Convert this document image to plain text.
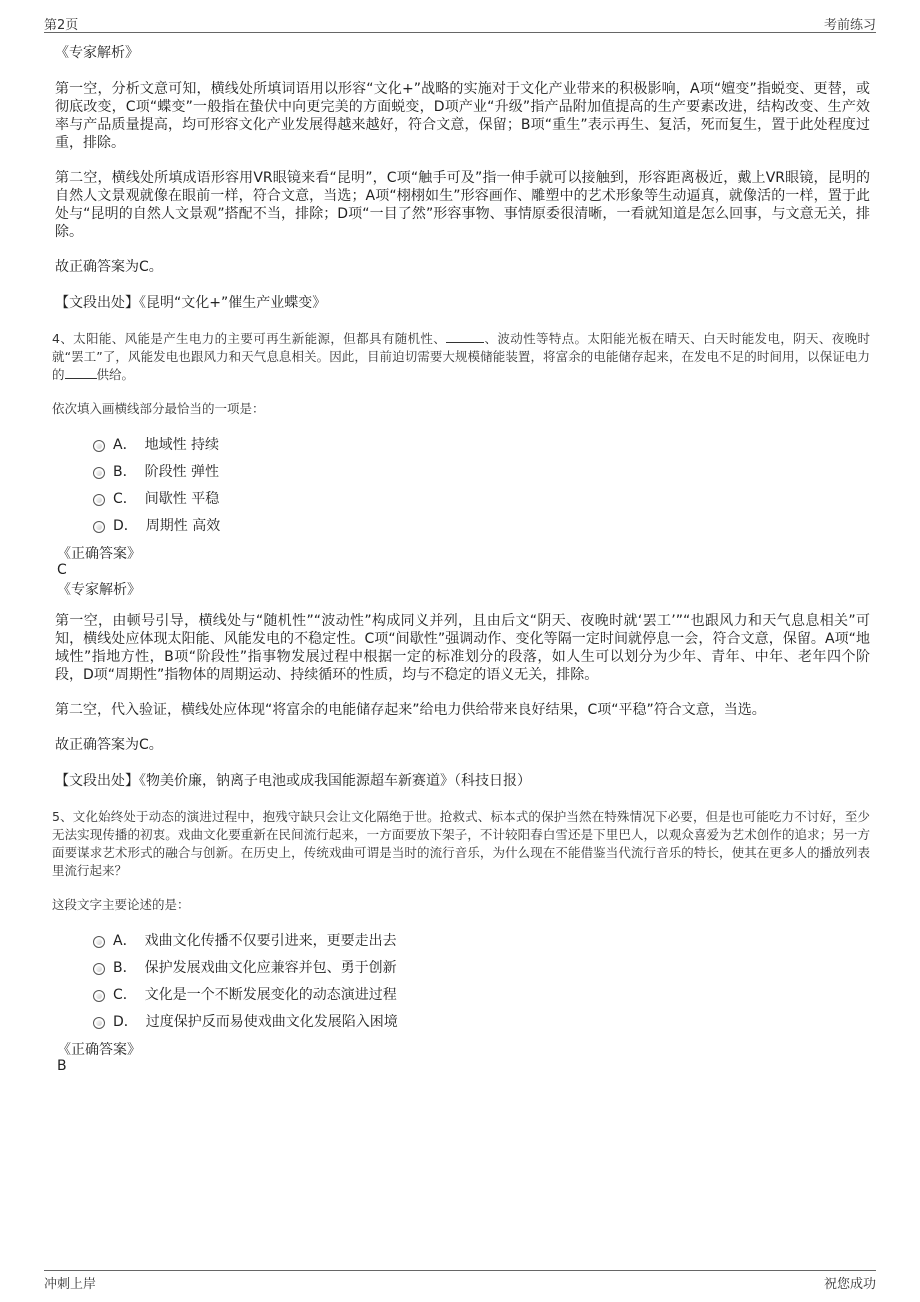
第2页	考前练习

《专家解析》

第一空，分析文意可知，横线处所填词语用以形容“文化+”战略的实施对于文化产业带来的积极影响，A项“嬗变”指蜕变、更替，或彻底改变，C项“蝶变”一般指在蛰伏中向更完美的方面蜕变，D项产业“升级”指产品附加值提高的生产要素改进，结构改变、生产效率与产品质量提高，均可形容文化产业发展得越来越好，符合文意，保留；B项“重生”表示再生、复活，死而复生，置于此处程度过重，排除。

第二空，横线处所填成语形容用VR眼镜来看“昆明”，C项“触手可及”指一伸手就可以接触到，形容距离极近，戴上VR眼镜，昆明的自然人文景观就像在眼前一样，符合文意，当选；A项“栩栩如生”形容画作、雕塑中的艺术形象等生动逼真，就像活的一样，置于此处与“昆明的自然人文景观”搭配不当，排除；D项“一目了然”形容事物、事情原委很清晰，一看就知道是怎么回事，与文意无关，排除。

故正确答案为C。

【文段出处】《昆明“文化+”催生产业蝶变》

4、太阳能、风能是产生电力的主要可再生新能源，但都具有随机性、	、波动性等特点。太阳能光板在晴天、白天时能发电，阴天、夜晚时就“罢工”了，风能发电也跟风力和天气息息相关。因此，目前迫切需要大规模储能装置，将富余的电能储存起来，在发电不足的时间用，以保证电力的	供给。

依次填入画横线部分最恰当的一项是：

A． 地域性 持续
B． 阶段性 弹性
C． 间歇性 平稳
D． 周期性 高效

《正确答案》

C

《专家解析》

第一空，由顿号引导，横线处与“随机性”“波动性”构成同义并列，且由后文“阴天、夜晚时就‘罢工’”“也跟风力和天气息息相关”可知，横线处应体现太阳能、风能发电的不稳定性。C项“间歇性”强调动作、变化等隔一定时间就停息一会，符合文意，保留。A项“地域性”指地方性，B项“阶段性”指事物发展过程中根据一定的标准划分的段落，如人生可以划分为少年、青年、中年、老年四个阶段，D项“周期性”指物体的周期运动、持续循环的性质，均与不稳定的语义无关，排除。

第二空，代入验证，横线处应体现“将富余的电能储存起来”给电力供给带来良好结果，C项“平稳”符合文意，当选。

故正确答案为C。

【文段出处】《物美价廉，钠离子电池或成我国能源超车新赛道》（科技日报）

5、文化始终处于动态的演进过程中，抱残守缺只会让文化隔绝于世。抢救式、标本式的保护当然在特殊情况下必要，但是也可能吃力不讨好，至少无法实现传播的初衷。戏曲文化要重新在民间流行起来，一方面要放下架子，不计较阳春白雪还是下里巴人，以观众喜爱为艺术创作的追求；另一方面要谋求艺术形式的融合与创新。在历史上，传统戏曲可谓是当时的流行音乐，为什么现在不能借鉴当代流行音乐的特长，使其在更多人的播放列表里流行起来？

这段文字主要论述的是：

A． 戏曲文化传播不仅要引进来，更要走出去
B． 保护发展戏曲文化应兼容并包、勇于创新
C． 文化是一个不断发展变化的动态演进过程
D． 过度保护反而易使戏曲文化发展陷入困境

《正确答案》

B

冲刺上岸	祝您成功
